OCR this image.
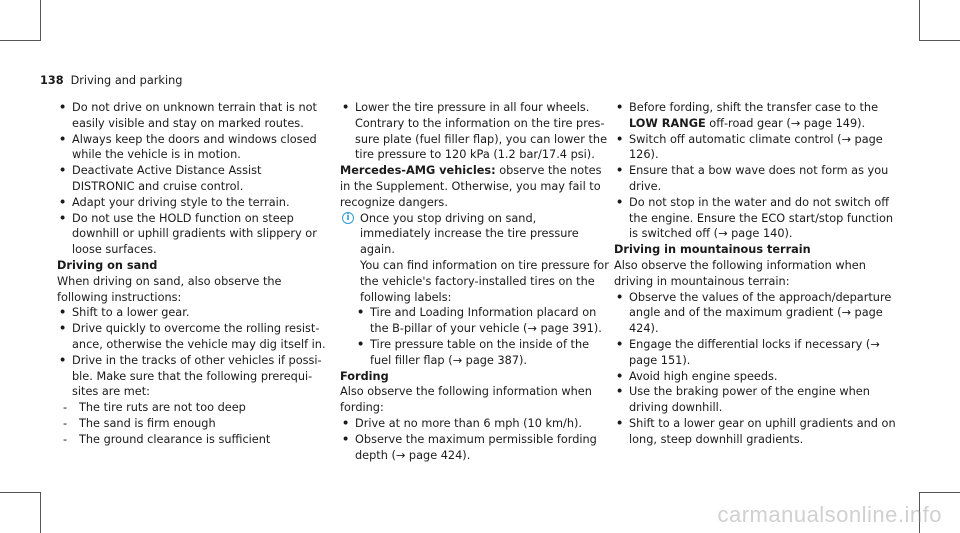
138 Driving and parking
• Do not drive on unknown terrain that is not easily visible and stay on marked routes.
• Always keep the doors and windows closed while the vehicle is in motion.
• Deactivate Active Distance Assist DISTRONIC and cruise control.
• Adapt your driving style to the terrain.
• Do not use the HOLD function on steep downhill or uphill gradients with slippery or loose surfaces.
Driving on sand
When driving on sand, also observe the following instructions:
• Shift to a lower gear.
• Drive quickly to overcome the rolling resistance, otherwise the vehicle may dig itself in.
• Drive in the tracks of other vehicles if possible. Make sure that the following prerequisites are met:
- The tire ruts are not too deep
- The sand is firm enough
- The ground clearance is sufficient
• Lower the tire pressure in all four wheels.
Contrary to the information on the tire pressure plate (fuel filler flap), you can lower the tire pressure to 120 kPa (1.2 bar/17.4 psi).
Mercedes-AMG vehicles: observe the notes in the Supplement. Otherwise, you may fail to recognize dangers.
i Once you stop driving on sand, immediately increase the tire pressure again.
You can find information on tire pressure for the vehicle's factory-installed tires on the following labels:
• Tire and Loading Information placard on the B-pillar of your vehicle (→ page 391).
• Tire pressure table on the inside of the fuel filler flap (→ page 387).
Fording
Also observe the following information when fording:
• Drive at no more than 6 mph (10 km/h).
• Observe the maximum permissible fording depth (→ page 424).
• Before fording, shift the transfer case to the LOW RANGE off-road gear (→ page 149).
• Switch off automatic climate control (→ page 126).
• Ensure that a bow wave does not form as you drive.
• Do not stop in the water and do not switch off the engine. Ensure the ECO start/stop function is switched off (→ page 140).
Driving in mountainous terrain
Also observe the following information when driving in mountainous terrain:
• Observe the values of the approach/departure angle and of the maximum gradient (→ page 424).
• Engage the differential locks if necessary (→ page 151).
• Avoid high engine speeds.
• Use the braking power of the engine when driving downhill.
• Shift to a lower gear on uphill gradients and on long, steep downhill gradients.
carmanualsonline.info
